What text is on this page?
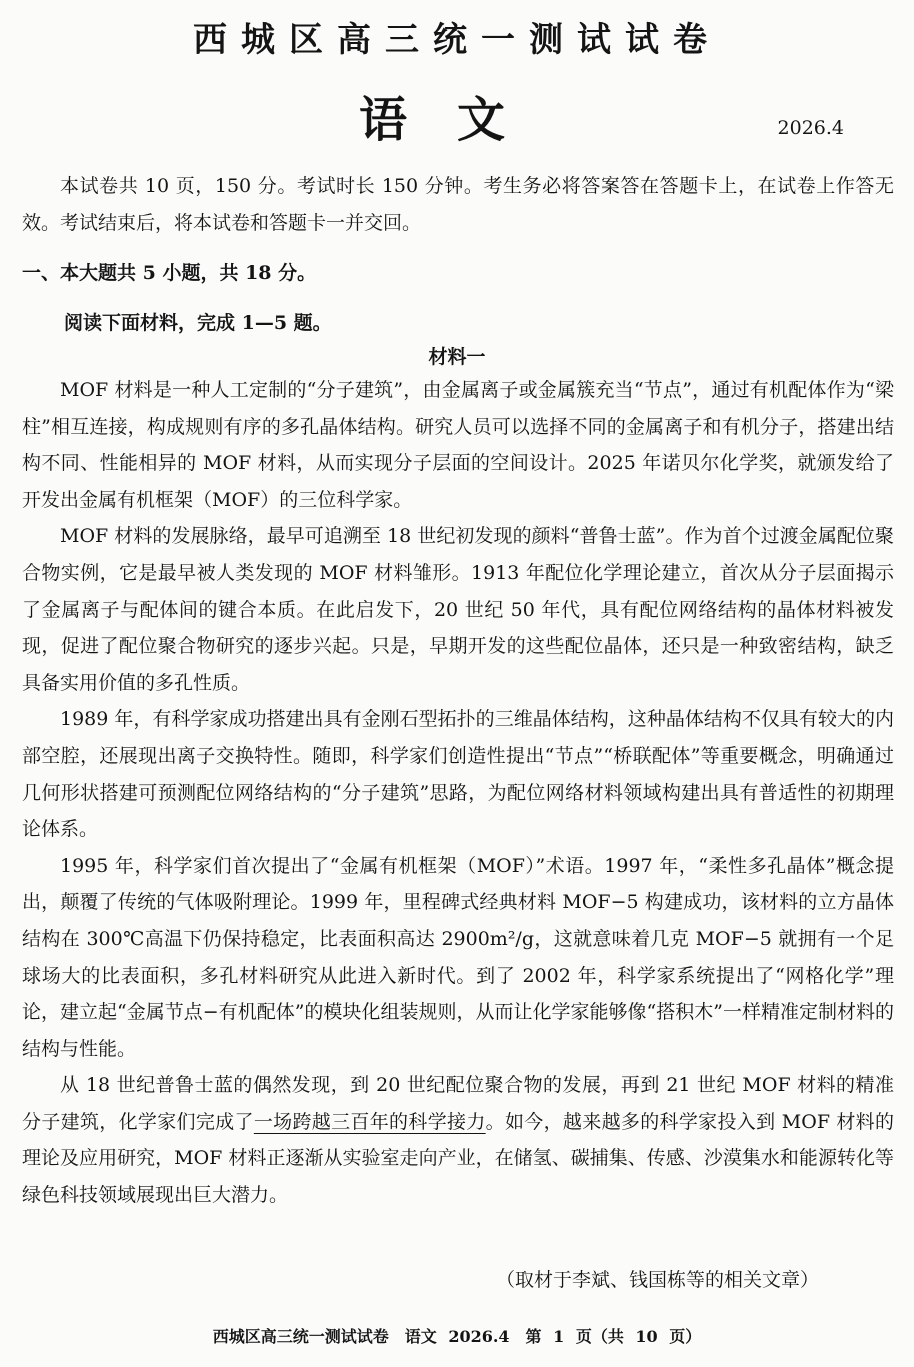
西城区高三统一测试试卷
语文	2026.4

本试卷共 10 页，150 分。考试时长 150 分钟。考生务必将答案答在答题卡上，在试卷上作答无效。考试结束后，将本试卷和答题卡一并交回。

一、本大题共 5 小题，共 18 分。
阅读下面材料，完成 1—5 题。
材料一

MOF 材料是一种人工定制的“分子建筑”，由金属离子或金属簇充当“节点”，通过有机配体作为“梁柱”相互连接，构成规则有序的多孔晶体结构。研究人员可以选择不同的金属离子和有机分子，搭建出结构不同、性能相异的 MOF 材料，从而实现分子层面的空间设计。2025 年诺贝尔化学奖，就颁发给了开发出金属有机框架（MOF）的三位科学家。

MOF 材料的发展脉络，最早可追溯至 18 世纪初发现的颜料“普鲁士蓝”。作为首个过渡金属配位聚合物实例，它是最早被人类发现的 MOF 材料雏形。1913 年配位化学理论建立，首次从分子层面揭示了金属离子与配体间的键合本质。在此启发下，20 世纪 50 年代，具有配位网络结构的晶体材料被发现，促进了配位聚合物研究的逐步兴起。只是，早期开发的这些配位晶体，还只是一种致密结构，缺乏具备实用价值的多孔性质。

1989 年，有科学家成功搭建出具有金刚石型拓扑的三维晶体结构，这种晶体结构不仅具有较大的内部空腔，还展现出离子交换特性。随即，科学家们创造性提出“节点”“桥联配体”等重要概念，明确通过几何形状搭建可预测配位网络结构的“分子建筑”思路，为配位网络材料领域构建出具有普适性的初期理论体系。

1995 年，科学家们首次提出了“金属有机框架（MOF）”术语。1997 年，“柔性多孔晶体”概念提出，颠覆了传统的气体吸附理论。1999 年，里程碑式经典材料 MOF−5 构建成功，该材料的立方晶体结构在 300℃高温下仍保持稳定，比表面积高达 2900m²/g，这就意味着几克 MOF−5 就拥有一个足球场大的比表面积，多孔材料研究从此进入新时代。到了 2002 年，科学家系统提出了“网格化学”理论，建立起“金属节点−有机配体”的模块化组装规则，从而让化学家能够像“搭积木”一样精准定制材料的结构与性能。

从 18 世纪普鲁士蓝的偶然发现，到 20 世纪配位聚合物的发展，再到 21 世纪 MOF 材料的精准分子建筑，化学家们完成了一场跨越三百年的科学接力。如今，越来越多的科学家投入到 MOF 材料的理论及应用研究，MOF 材料正逐渐从实验室走向产业，在储氢、碳捕集、传感、沙漠集水和能源转化等绿色科技领域展现出巨大潜力。

（取材于李斌、钱国栋等的相关文章）
西城区高三统一测试试卷　语文 2026.4　第 1 页（共 10 页）
